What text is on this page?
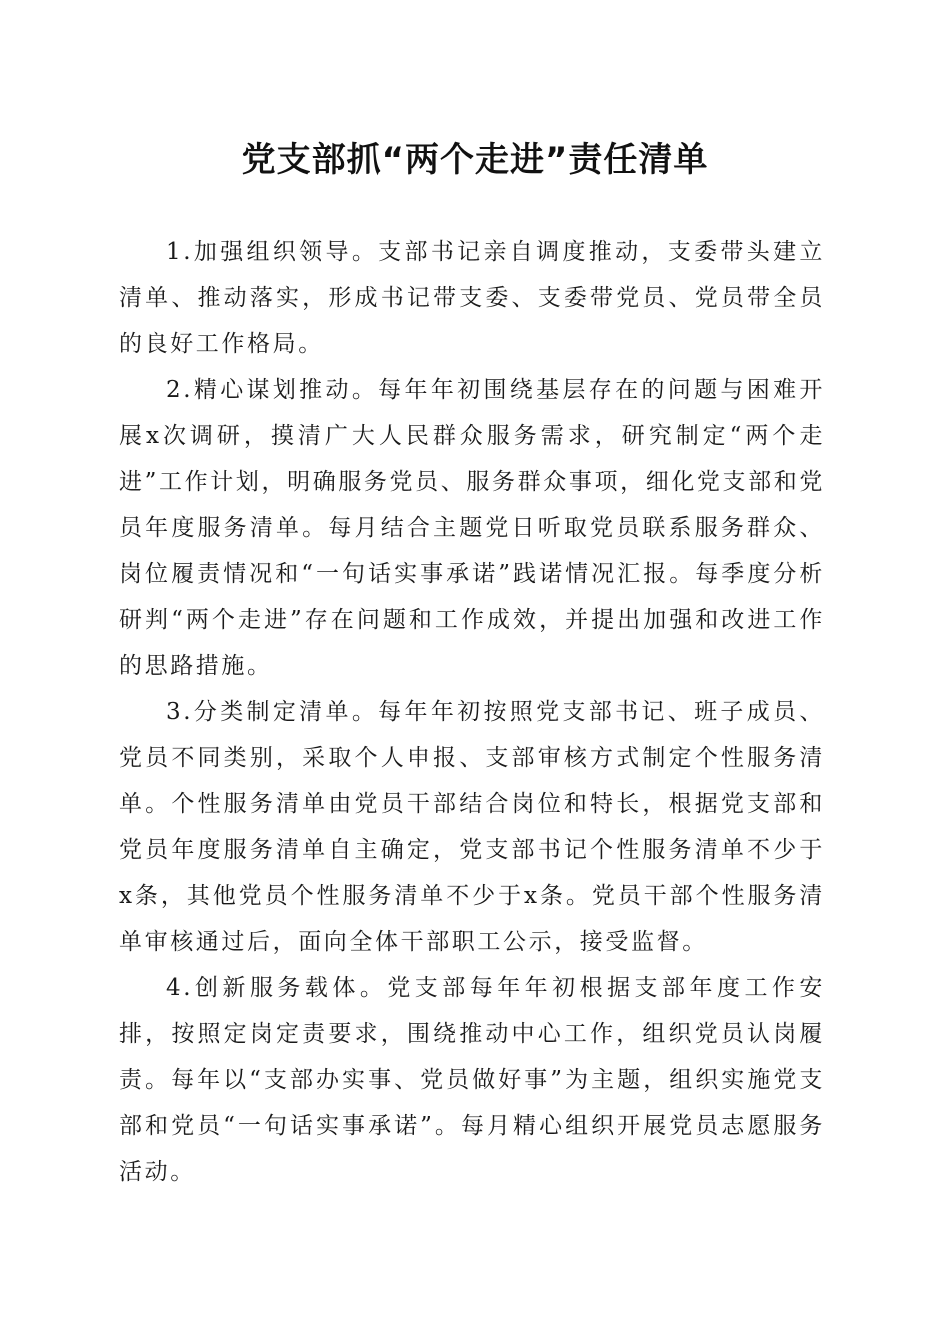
党支部抓“两个走进”责任清单

1.加强组织领导。支部书记亲自调度推动，支委带头建立清单、推动落实，形成书记带支委、支委带党员、党员带全员的良好工作格局。

2.精心谋划推动。每年年初围绕基层存在的问题与困难开展x次调研，摸清广大人民群众服务需求，研究制定“两个走进”工作计划，明确服务党员、服务群众事项，细化党支部和党员年度服务清单。每月结合主题党日听取党员联系服务群众、岗位履责情况和“一句话实事承诺”践诺情况汇报。每季度分析研判“两个走进”存在问题和工作成效，并提出加强和改进工作的思路措施。

3.分类制定清单。每年年初按照党支部书记、班子成员、党员不同类别，采取个人申报、支部审核方式制定个性服务清单。个性服务清单由党员干部结合岗位和特长，根据党支部和党员年度服务清单自主确定，党支部书记个性服务清单不少于x条，其他党员个性服务清单不少于x条。党员干部个性服务清单审核通过后，面向全体干部职工公示，接受监督。

4.创新服务载体。党支部每年年初根据支部年度工作安排，按照定岗定责要求，围绕推动中心工作，组织党员认岗履责。每年以“支部办实事、党员做好事”为主题，组织实施党支部和党员“一句话实事承诺”。每月精心组织开展党员志愿服务活动。
